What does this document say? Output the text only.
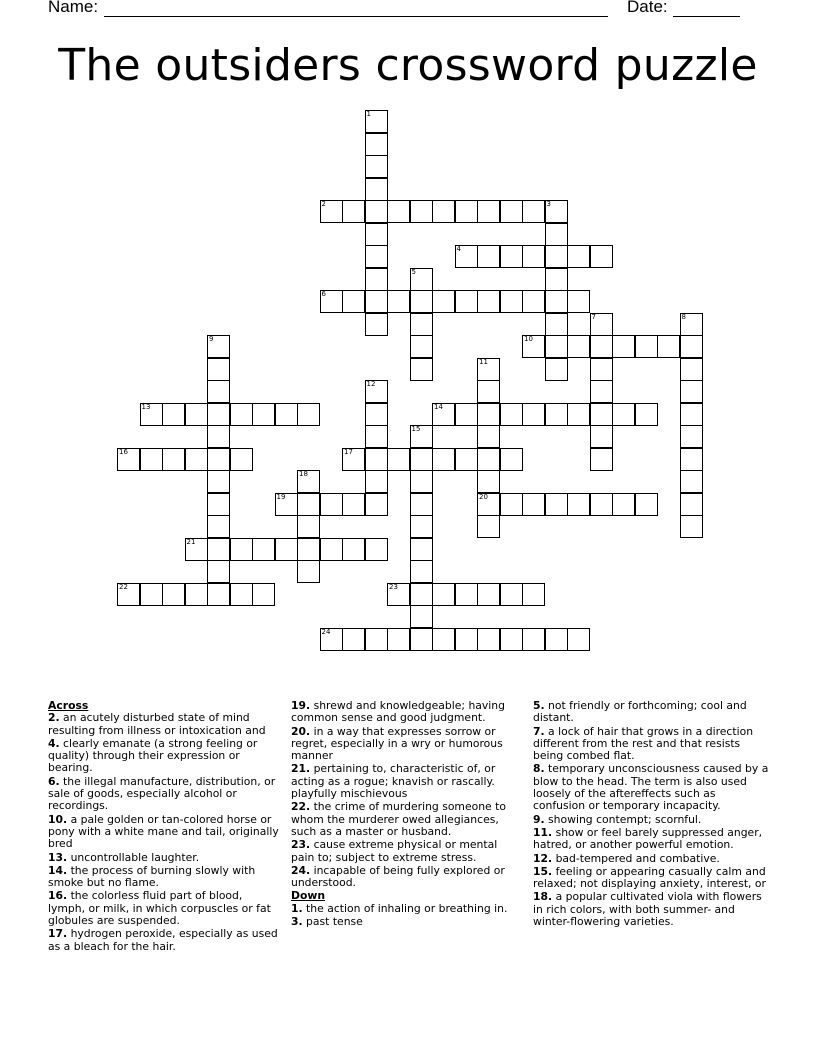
Name:	Date:
The outsiders crossword puzzle
1
2	3
4
5
6
7	8
9	10
11
20
12
13	14
15
16	17
18
19
21
22	23
24
Across
2. an acutely disturbed state of mind resulting from illness or intoxication and
4. clearly emanate (a strong feeling or quality) through their expression or bearing.
6. the illegal manufacture, distribution, or sale of goods, especially alcohol or recordings.
10. a pale golden or tan-colored horse or pony with a white mane and tail, originally bred
13. uncontrollable laughter.
14. the process of burning slowly with smoke but no flame.
16. the colorless fluid part of blood, lymph, or milk, in which corpuscles or fat globules are suspended.
17. hydrogen peroxide, especially as used as a bleach for the hair.
19. shrewd and knowledgeable; having common sense and good judgment.
20. in a way that expresses sorrow or regret, especially in a wry or humorous manner
21. pertaining to, characteristic of, or acting as a rogue; knavish or rascally. playfully mischievous
22. the crime of murdering someone to whom the murderer owed allegiances, such as a master or husband.
23. cause extreme physical or mental pain to; subject to extreme stress.
24. incapable of being fully explored or understood.
Down
1. the action of inhaling or breathing in.
3. past tense
5. not friendly or forthcoming; cool and distant.
7. a lock of hair that grows in a direction different from the rest and that resists being combed flat.
8. temporary unconsciousness caused by a blow to the head. The term is also used loosely of the aftereffects such as confusion or temporary incapacity.
9. showing contempt; scornful.
11. show or feel barely suppressed anger, hatred, or another powerful emotion.
12. bad-tempered and combative.
15. feeling or appearing casually calm and relaxed; not displaying anxiety, interest, or
18. a popular cultivated viola with flowers in rich colors, with both summer- and winter-flowering varieties.
